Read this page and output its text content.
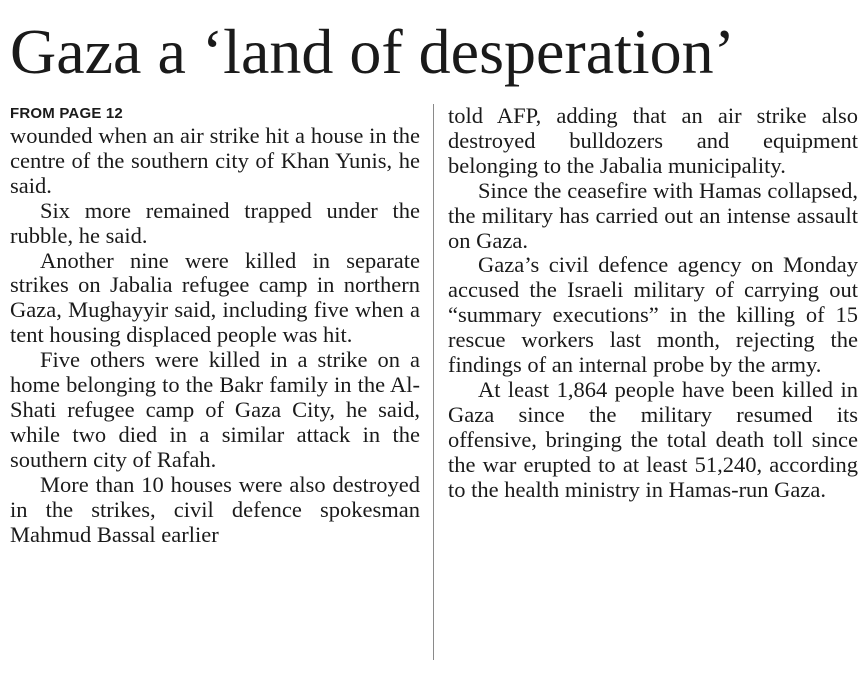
Gaza a ‘land of desperation’
FROM PAGE 12

wounded when an air strike hit a house in the centre of the southern city of Khan Yunis, he said.

Six more remained trapped under the rubble, he said.

Another nine were killed in separate strikes on Jabalia refugee camp in northern Gaza, Mughayyir said, including five when a tent housing displaced people was hit.

Five others were killed in a strike on a home belonging to the Bakr family in the Al-Shati refugee camp of Gaza City, he said, while two died in a similar attack in the southern city of Rafah.

More than 10 houses were also destroyed in the strikes, civil defence spokesman Mahmud Bassal earlier

told AFP, adding that an air strike also destroyed bulldozers and equipment belonging to the Jabalia municipality.

Since the ceasefire with Hamas collapsed, the military has carried out an intense assault on Gaza.

Gaza’s civil defence agency on Monday accused the Israeli military of carrying out “summary executions” in the killing of 15 rescue workers last month, rejecting the findings of an internal probe by the army.

At least 1,864 people have been killed in Gaza since the military resumed its offensive, bringing the total death toll since the war erupted to at least 51,240, according to the health ministry in Hamas-run Gaza.
